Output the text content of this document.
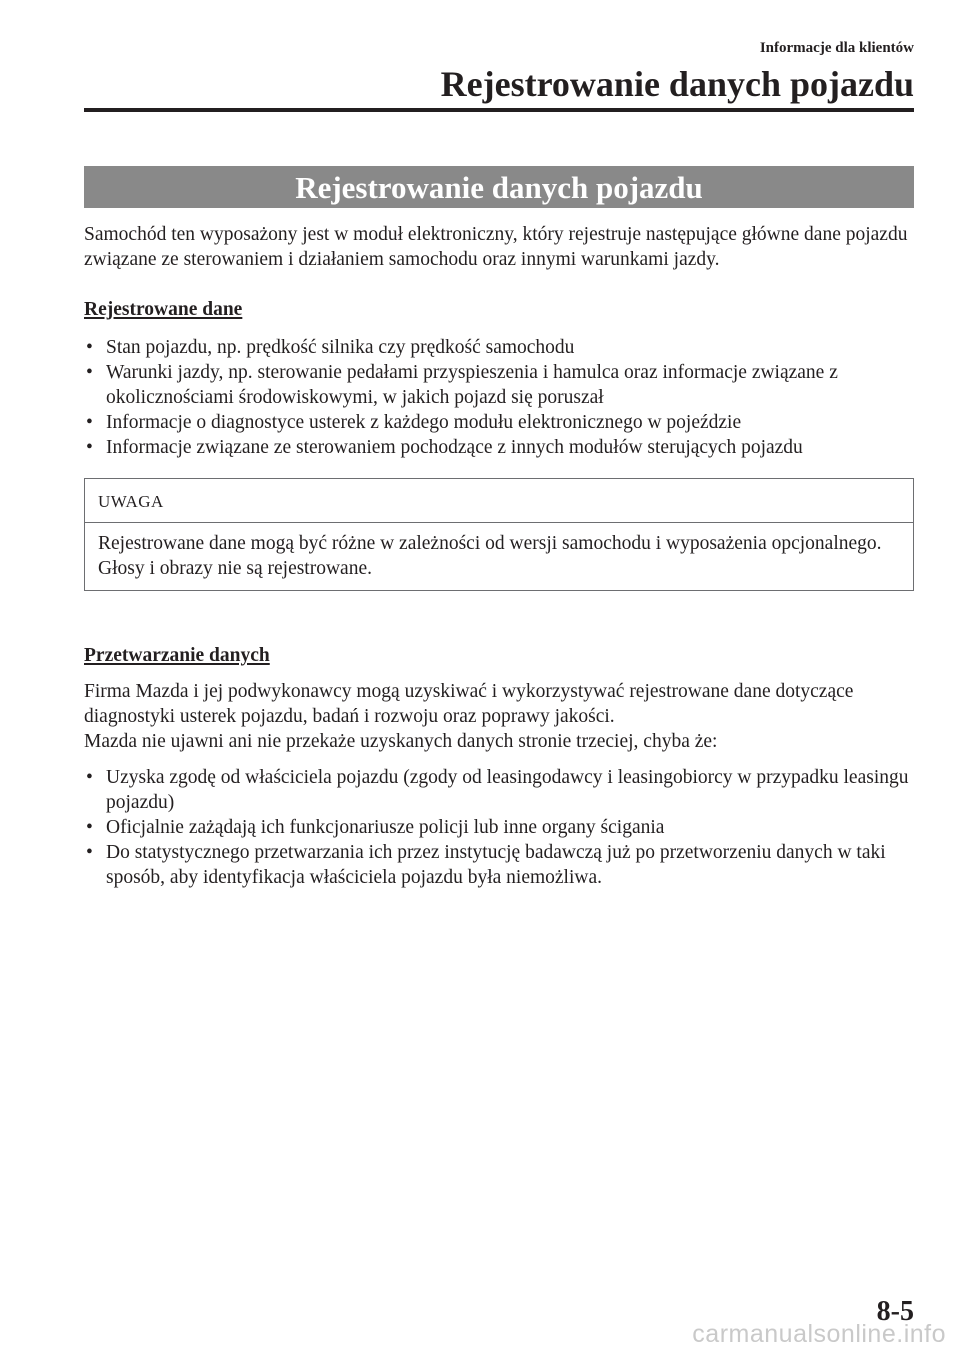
Informacje dla klientów
Rejestrowanie danych pojazdu
Rejestrowanie danych pojazdu

Samochód ten wyposażony jest w moduł elektroniczny, który rejestruje następujące główne dane pojazdu związane ze sterowaniem i działaniem samochodu oraz innymi warunkami jazdy.

Rejestrowane dane

• Stan pojazdu, np. prędkość silnika czy prędkość samochodu
• Warunki jazdy, np. sterowanie pedałami przyspieszenia i hamulca oraz informacje związane z okolicznościami środowiskowymi, w jakich pojazd się poruszał
• Informacje o diagnostyce usterek z każdego modułu elektronicznego w pojeździe
• Informacje związane ze sterowaniem pochodzące z innych modułów sterujących pojazdu
UWAGA
Rejestrowane dane mogą być różne w zależności od wersji samochodu i wyposażenia opcjonalnego. Głosy i obrazy nie są rejestrowane.

Przetwarzanie danych

Firma Mazda i jej podwykonawcy mogą uzyskiwać i wykorzystywać rejestrowane dane dotyczące diagnostyki usterek pojazdu, badań i rozwoju oraz poprawy jakości.

Mazda nie ujawni ani nie przekaże uzyskanych danych stronie trzeciej, chyba że:

• Uzyska zgodę od właściciela pojazdu (zgody od leasingodawcy i leasingobiorcy w przypadku leasingu pojazdu)
• Oficjalnie zażądają ich funkcjonariusze policji lub inne organy ścigania
• Do statystycznego przetwarzania ich przez instytucję badawczą już po przetworzeniu danych w taki sposób, aby identyfikacja właściciela pojazdu była niemożliwa.
8-5
carmanualsonline.info
